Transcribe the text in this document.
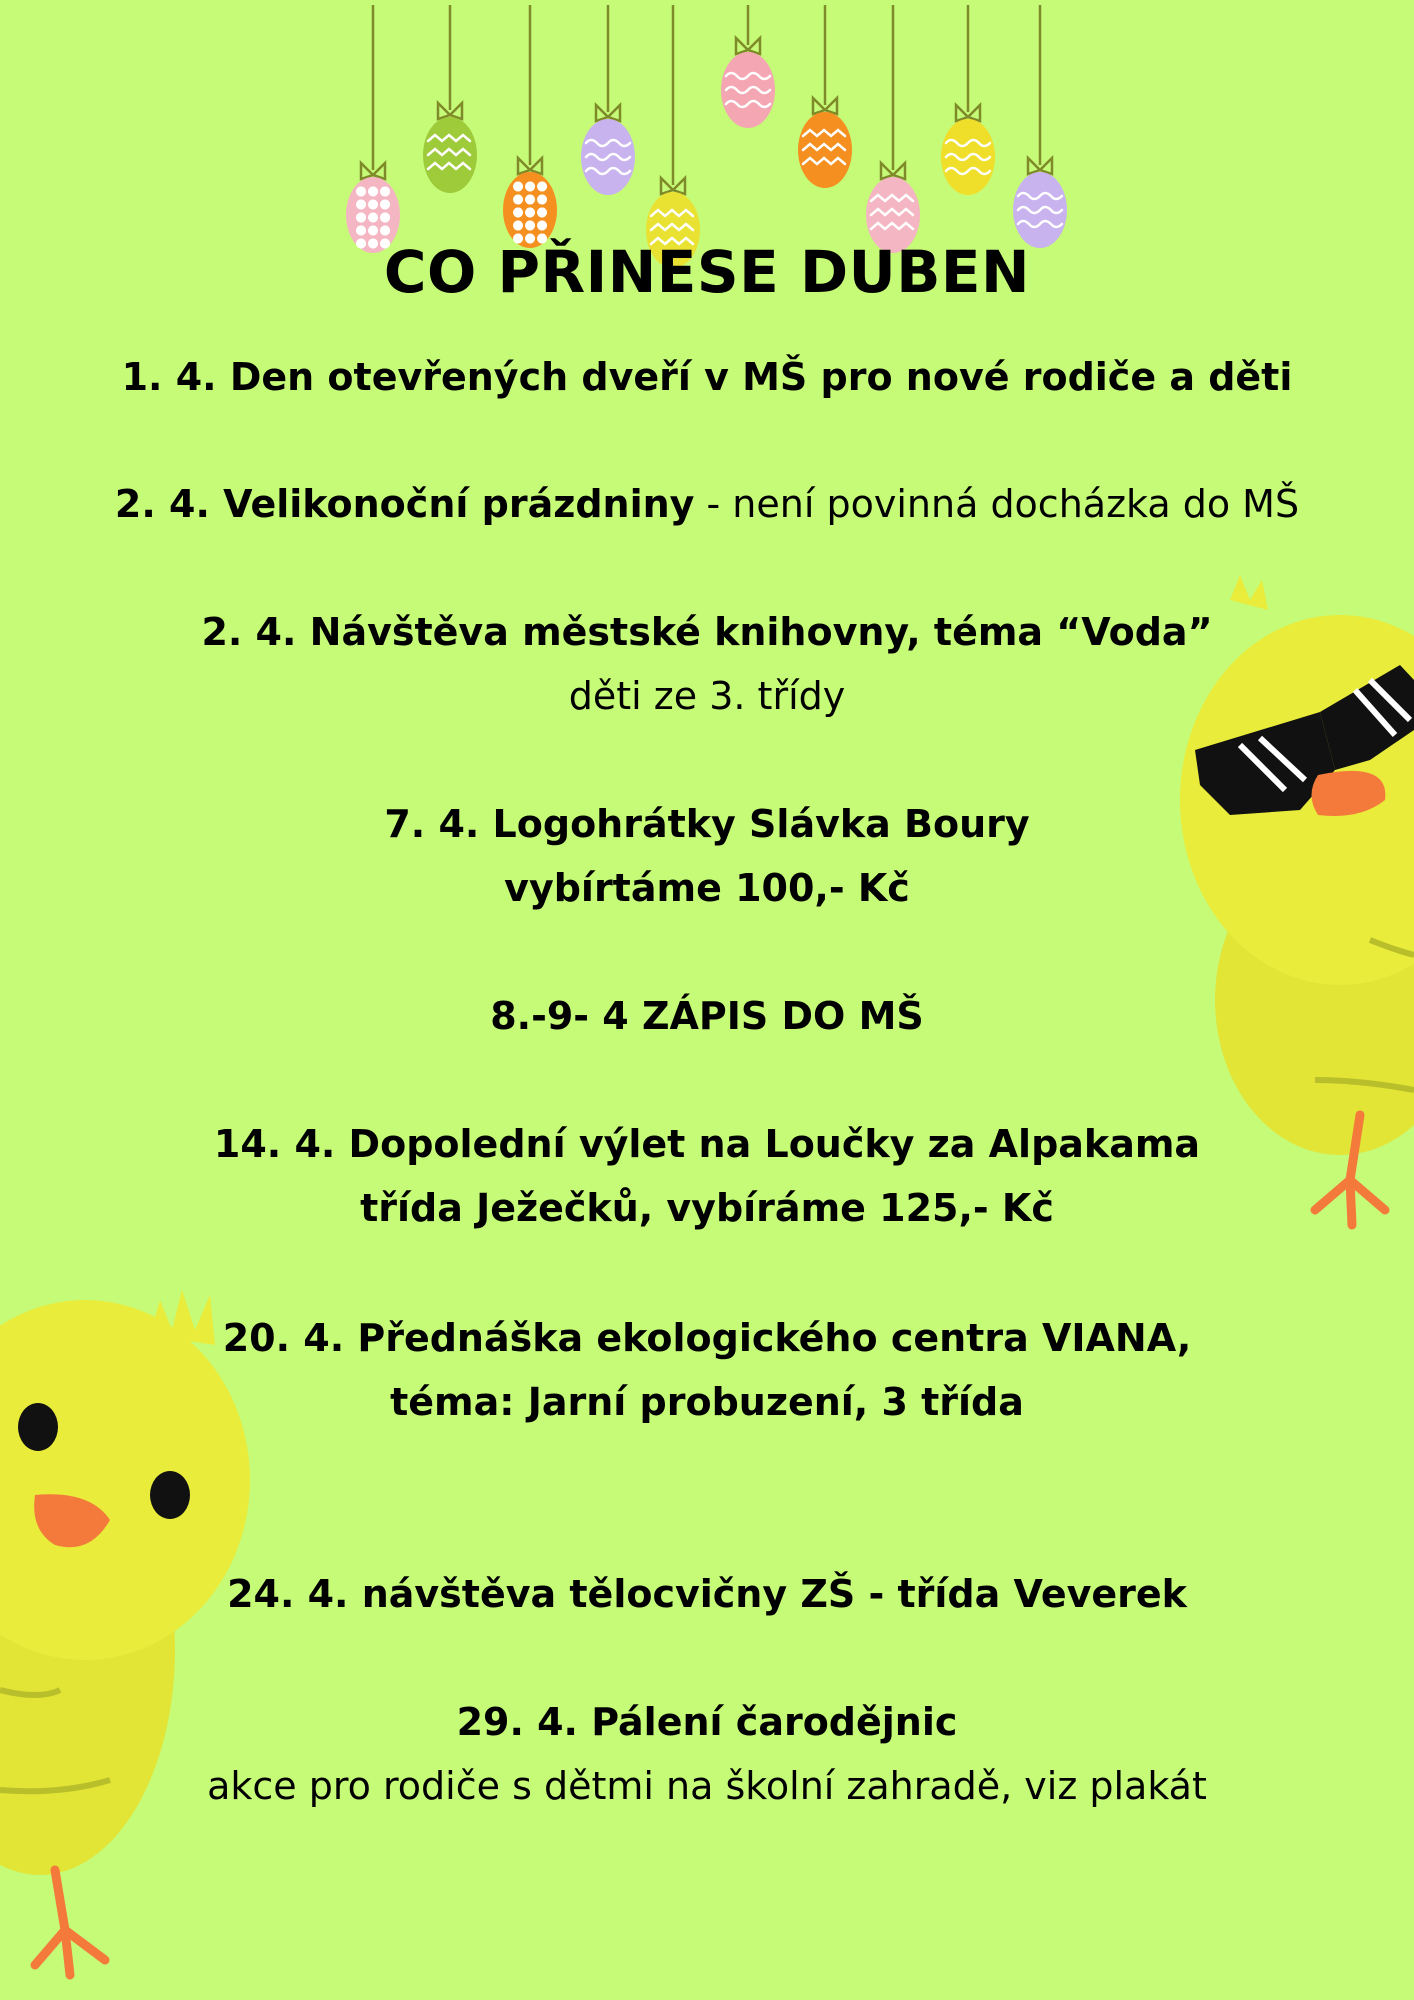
CO PŘINESE DUBEN
1. 4. Den otevřených dveří v MŠ pro nové rodiče a děti
2. 4. Velikonoční prázdniny - není povinná docházka do MŠ
2. 4. Návštěva městské knihovny, téma “Voda”
děti ze 3. třídy
7. 4. Logohrátky Slávka Boury
vybírtáme 100,- Kč
8.-9- 4 ZÁPIS DO MŠ
14. 4. Dopolední výlet na Loučky za Alpakama
třída Ježečků, vybíráme 125,- Kč
20. 4. Přednáška ekologického centra VIANA,
téma: Jarní probuzení, 3 třída
24. 4. návštěva tělocvičny ZŠ - třída Veverek
29. 4. Pálení čarodějnic
akce pro rodiče s dětmi na školní zahradě, viz plakát
